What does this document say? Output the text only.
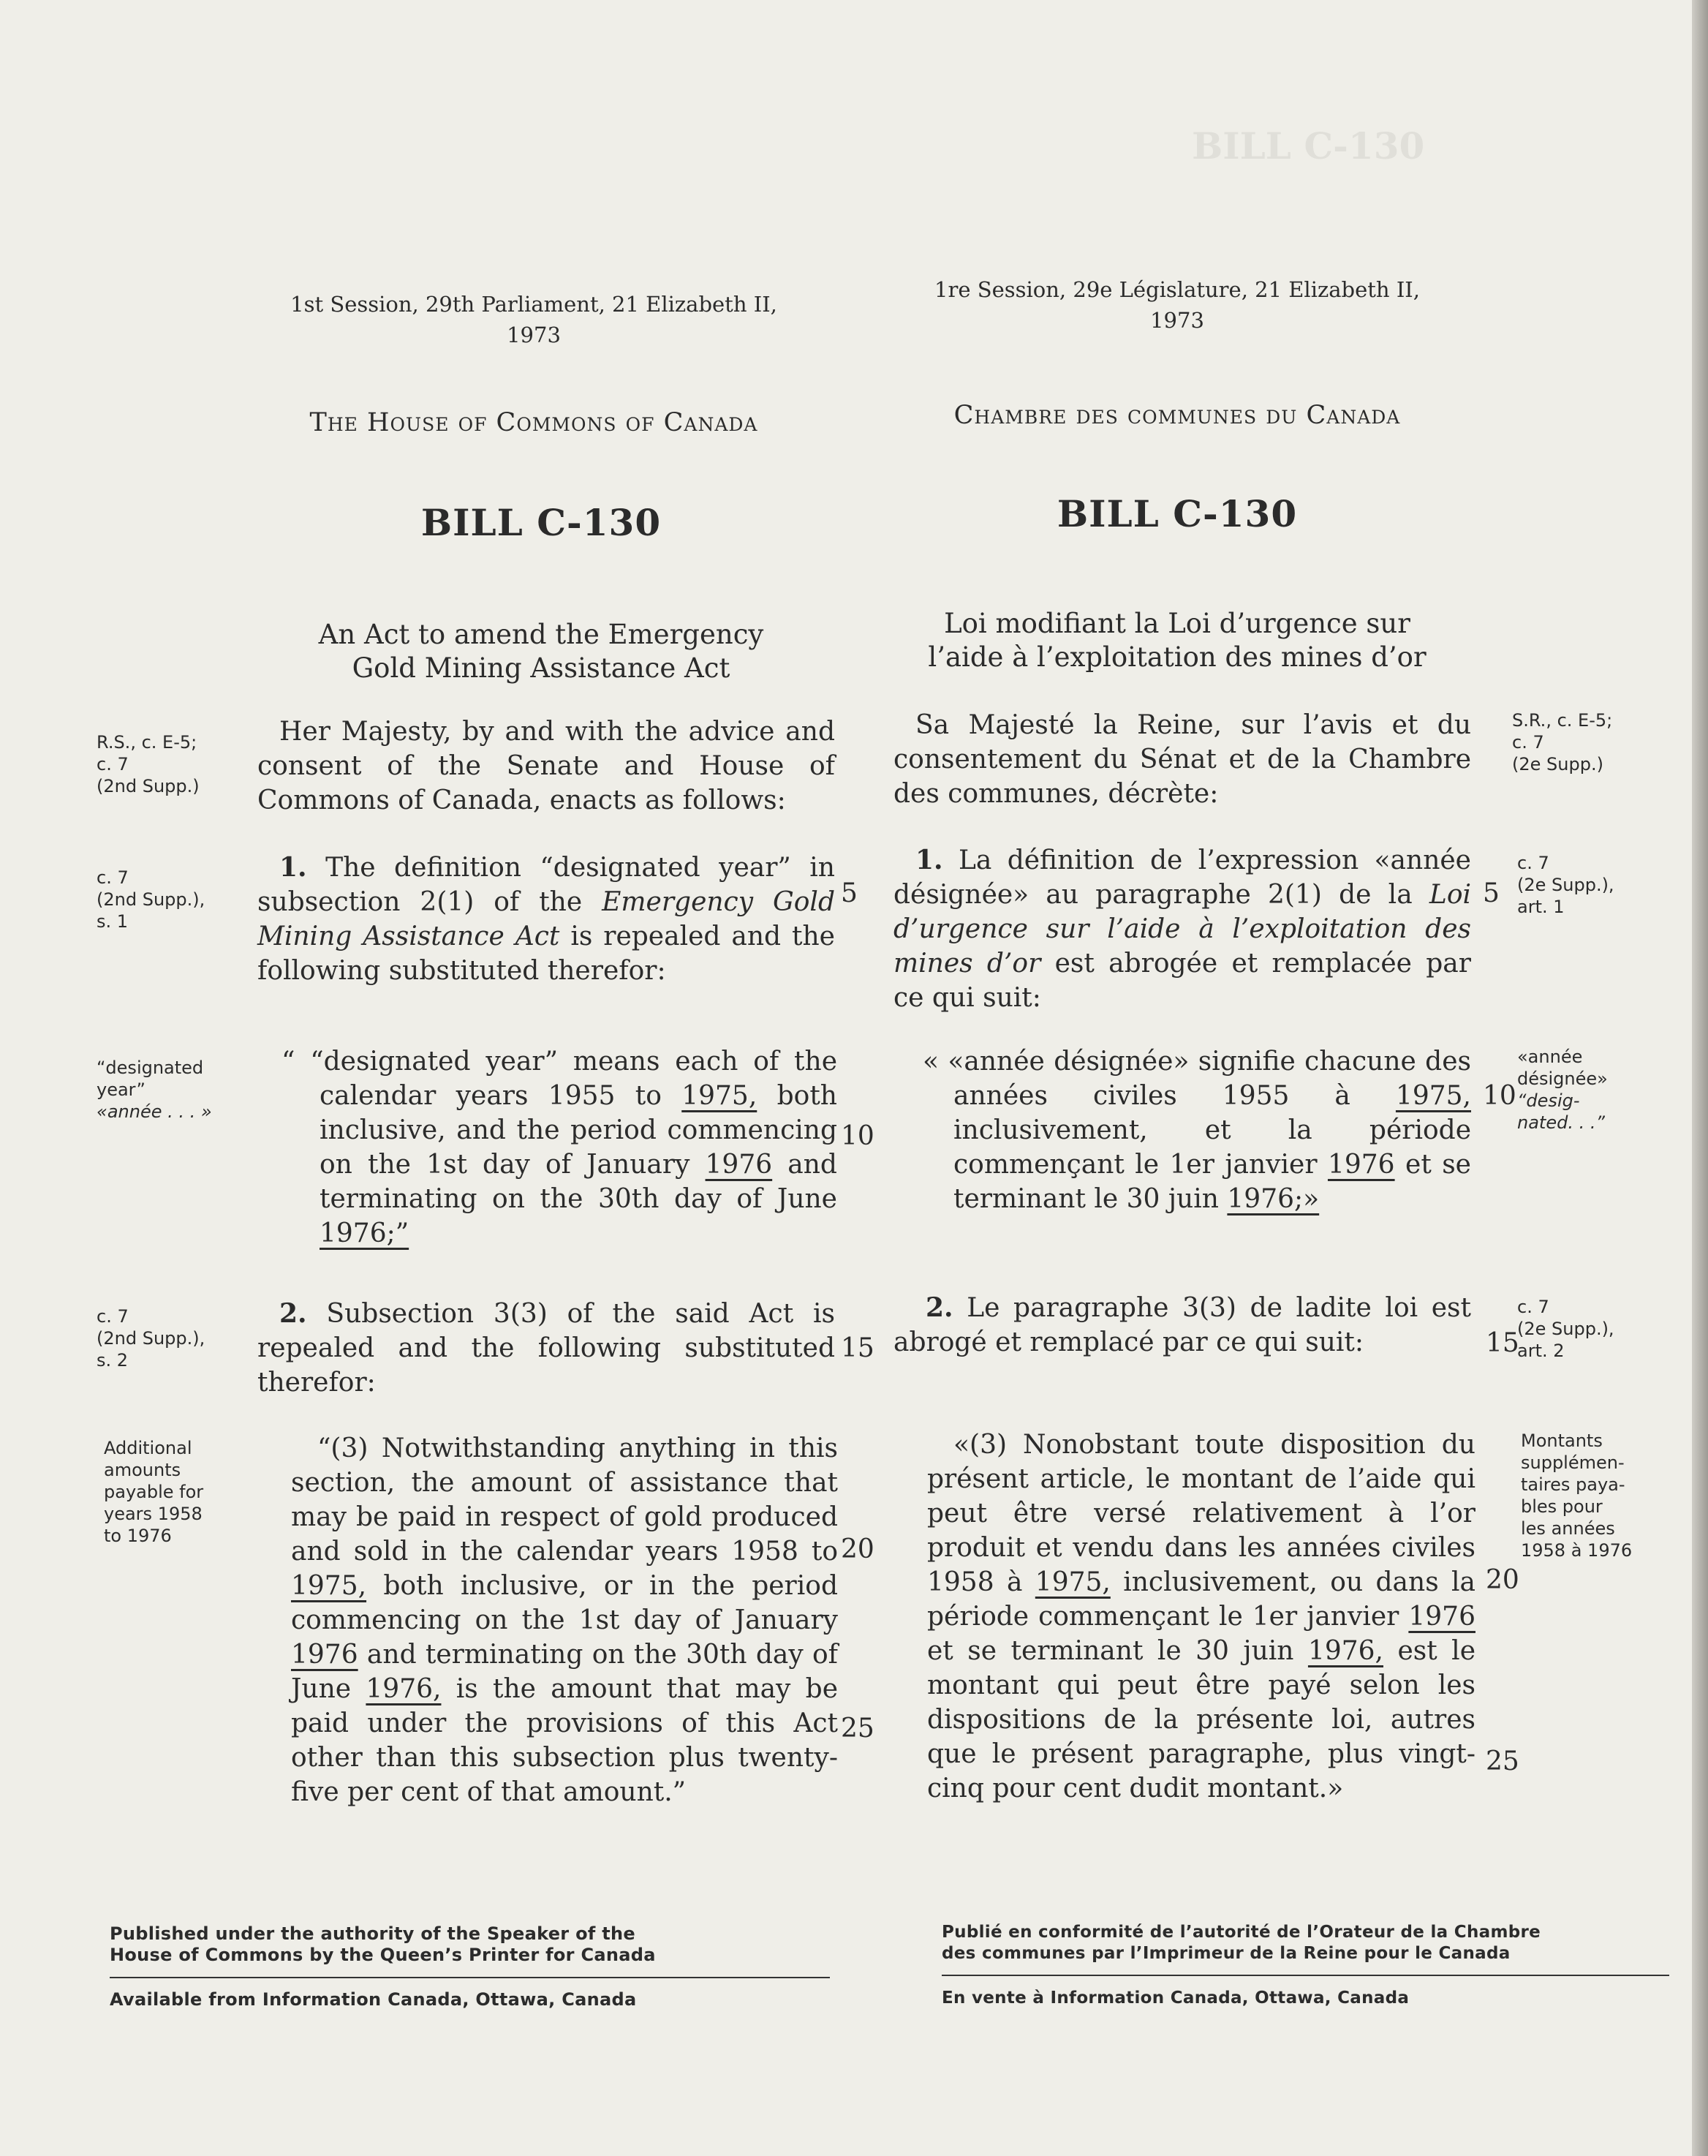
BILL C-130
1st Session, 29th Parliament, 21 Elizabeth II,
1973
The House of Commons of Canada
BILL C-130
An Act to amend the Emergency
Gold Mining Assistance Act
R.S., c. E-5;
c. 7
(2nd Supp.)
c. 7
(2nd Supp.),
s. 1
“designated
year”
«année . . . »
c. 7
(2nd Supp.),
s. 2
Additional
amounts
payable for
years 1958
to 1976

Her Majesty, by and with the advice and consent of the Senate and House of Commons of Canada, enacts as follows:

1. The definition “designated year” in subsection 2(1) of the Emergency Gold Mining Assistance Act is repealed and the following substituted therefor:

“ “designated year” means each of the calendar years 1955 to 1975, both inclusive, and the period commencing on the 1st day of January 1976 and terminating on the 30th day of June 1976;”

2. Subsection 3(3) of the said Act is repealed and the following substituted therefor:

“(3) Notwithstanding anything in this section, the amount of assistance that may be paid in respect of gold produced and sold in the calendar years 1958 to 1975, both inclusive, or in the period commencing on the 1st day of January 1976 and terminating on the 30th day of June 1976, is the amount that may be paid under the provisions of this Act other than this subsection plus twenty-five per cent of that amount.”

5
10
15
20
25
Published under the authority of the Speaker of the
House of Commons by the Queen’s Printer for Canada
Available from Information Canada, Ottawa, Canada
1re Session, 29e Législature, 21 Elizabeth II,
1973
Chambre des communes du Canada
BILL C-130
Loi modifiant la Loi d’urgence sur
l’aide à l’exploitation des mines d’or

Sa Majesté la Reine, sur l’avis et du consentement du Sénat et de la Chambre des communes, décrète:

1. La définition de l’expression «année désignée» au paragraphe 2(1) de la Loi d’urgence sur l’aide à l’exploitation des mines d’or est abrogée et remplacée par ce qui suit:

« «année désignée» signifie chacune des années civiles 1955 à 1975, inclusivement, et la période commençant le 1er janvier 1976 et se terminant le 30 juin 1976;»

2. Le paragraphe 3(3) de ladite loi est abrogé et remplacé par ce qui suit:

«(3) Nonobstant toute disposition du présent article, le montant de l’aide qui peut être versé relativement à l’or produit et vendu dans les années civiles 1958 à 1975, inclusivement, ou dans la période commençant le 1er janvier 1976 et se terminant le 30 juin 1976, est le montant qui peut être payé selon les dispositions de la présente loi, autres que le présent paragraphe, plus vingt-cinq pour cent dudit montant.»

5
10
15
20
25
S.R., c. E-5;
c. 7
(2e Supp.)
c. 7
(2e Supp.),
art. 1
«année
désignée»
“desig-
nated. . .”
c. 7
(2e Supp.),
art. 2
Montants
supplémen-
taires paya-
bles pour
les années
1958 à 1976
Publié en conformité de l’autorité de l’Orateur de la Chambre
des communes par l’Imprimeur de la Reine pour le Canada
En vente à Information Canada, Ottawa, Canada
